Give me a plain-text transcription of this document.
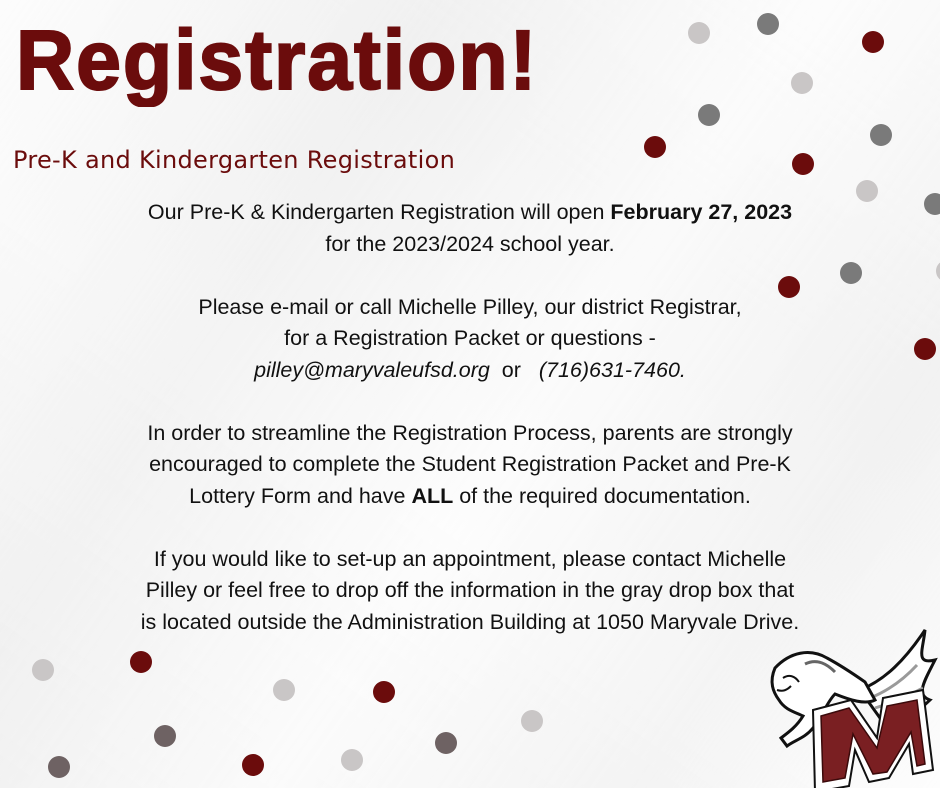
Registration!
Pre-K and Kindergarten Registration

Our Pre-K & Kindergarten Registration will open February 27, 2023
for the 2023/2024 school year.

Please e-mail or call Michelle Pilley, our district Registrar,
for a Registration Packet or questions -
pilley@maryvaleufsd.org or (716)631-7460.

In order to streamline the Registration Process, parents are strongly
encouraged to complete the Student Registration Packet and Pre-K
Lottery Form and have ALL of the required documentation.

If you would like to set-up an appointment, please contact Michelle
Pilley or feel free to drop off the information in the gray drop box that
is located outside the Administration Building at 1050 Maryvale Drive.
